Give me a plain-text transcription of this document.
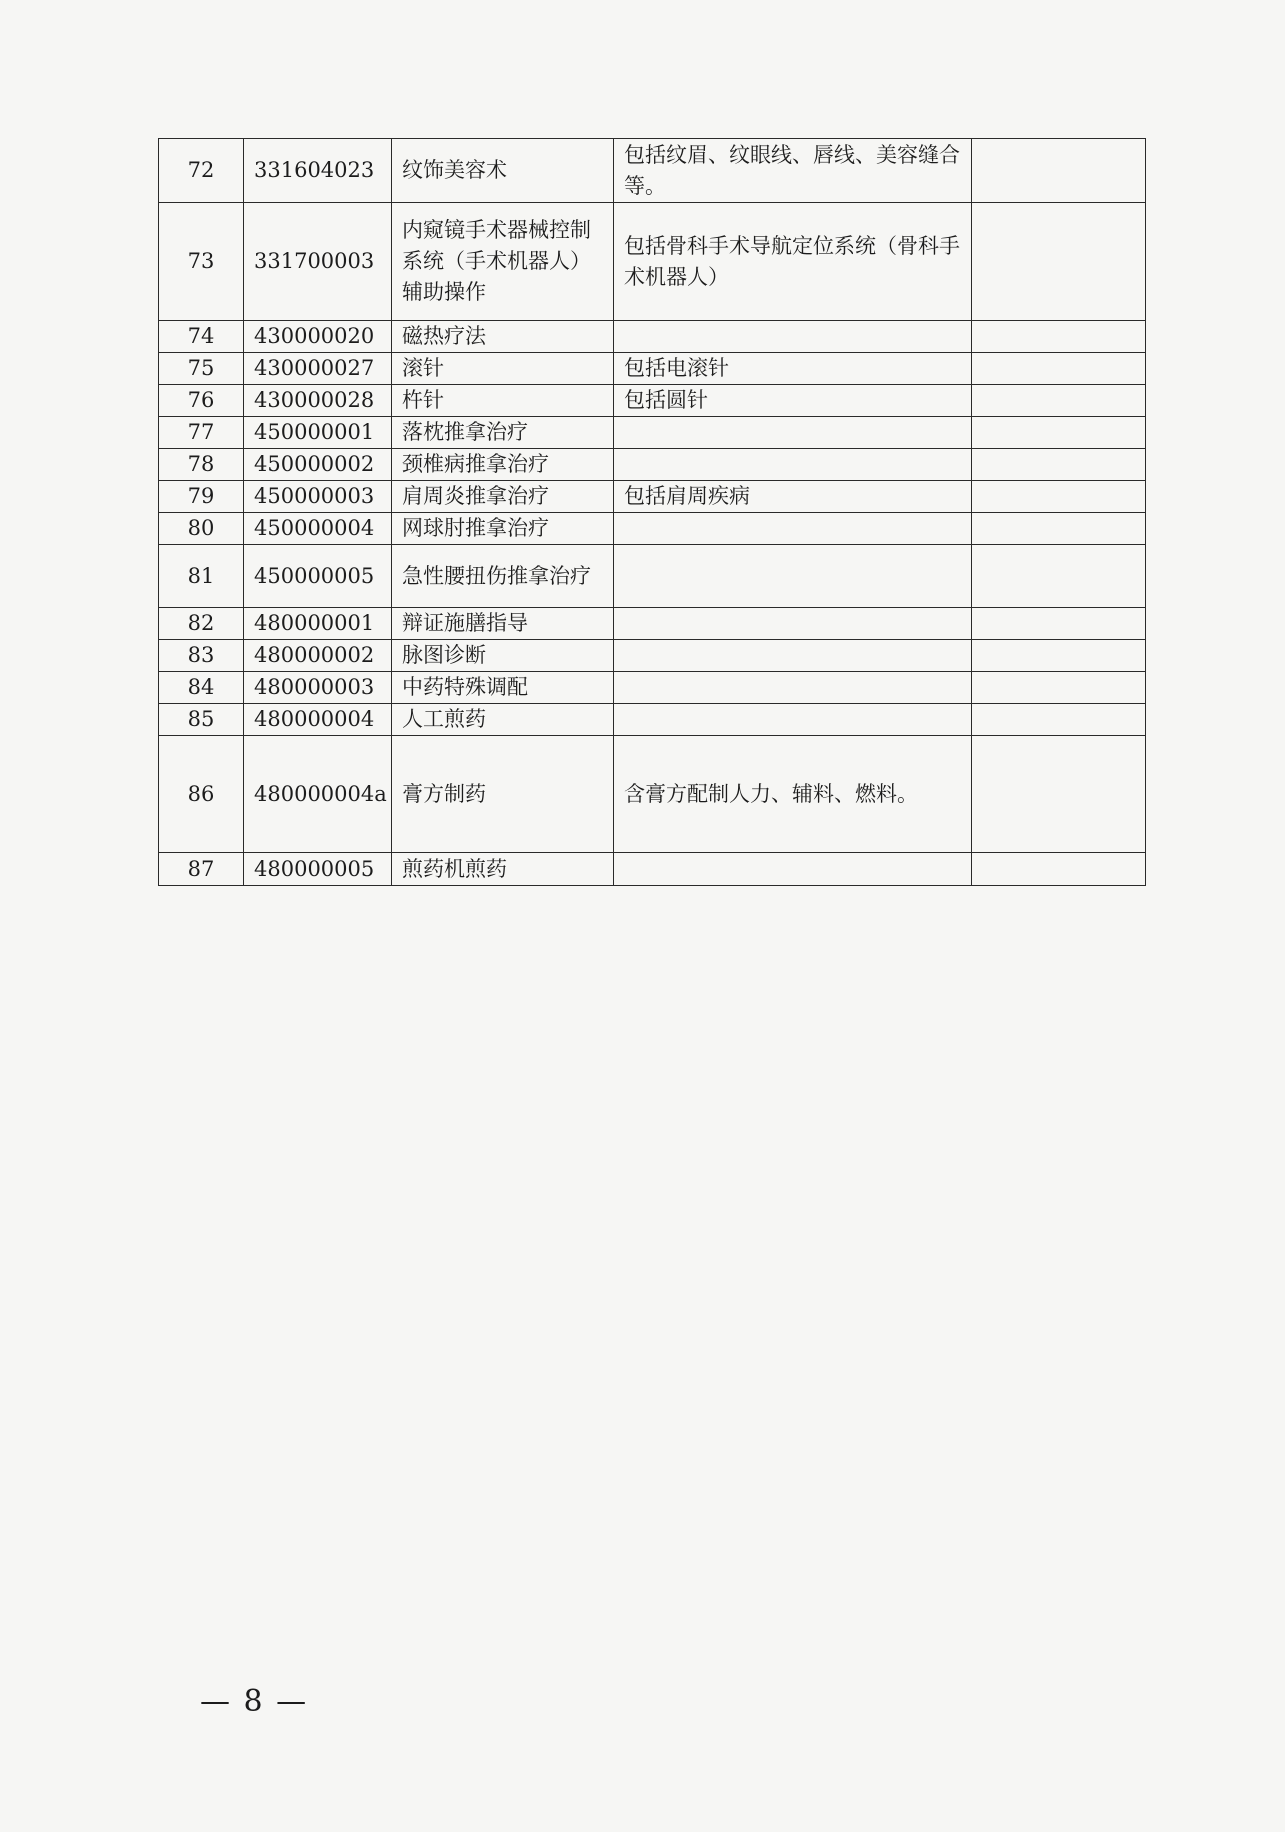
72	331604023	纹饰美容术	包括纹眉、纹眼线、唇线、美容缝合等。	
73	331700003	内窥镜手术器械控制系统（手术机器人）辅助操作	包括骨科手术导航定位系统（骨科手术机器人）	
74	430000020	磁热疗法		
75	430000027	滚针	包括电滚针	
76	430000028	杵针	包括圆针	
77	450000001	落枕推拿治疗		
78	450000002	颈椎病推拿治疗		
79	450000003	肩周炎推拿治疗	包括肩周疾病	
80	450000004	网球肘推拿治疗		
81	450000005	急性腰扭伤推拿治疗		
82	480000001	辩证施膳指导		
83	480000002	脉图诊断		
84	480000003	中药特殊调配		
85	480000004	人工煎药		
86	480000004a	膏方制药	含膏方配制人力、辅料、燃料。	
87	480000005	煎药机煎药		
— 8 —
